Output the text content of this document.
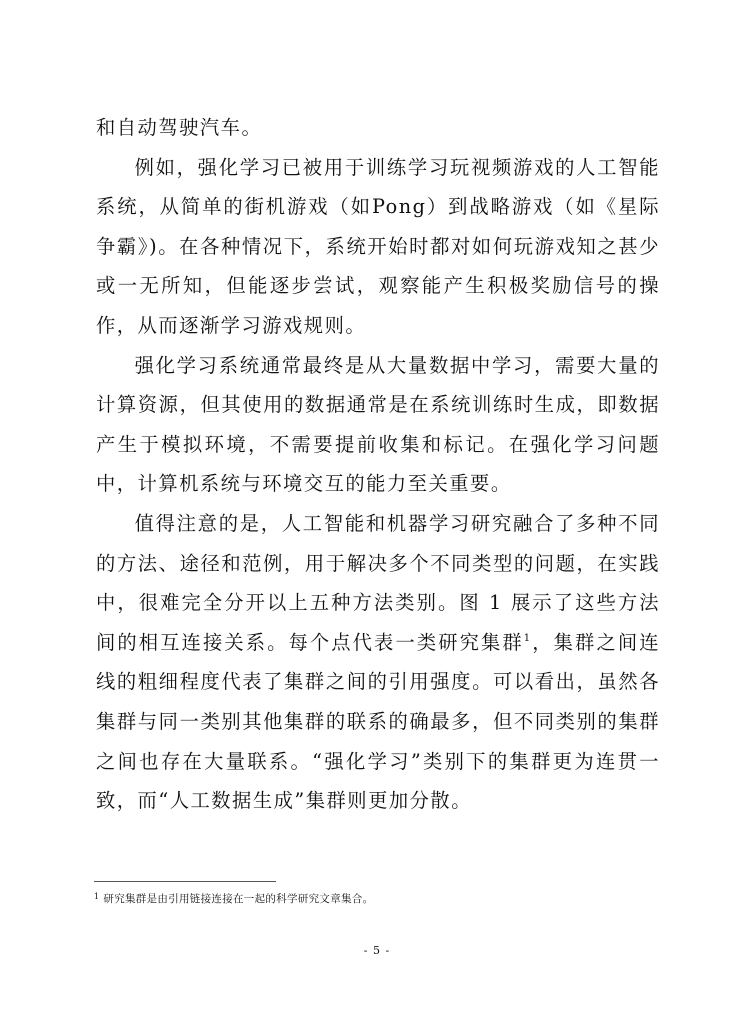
和自动驾驶汽车。

例如，强化学习已被用于训练学习玩视频游戏的人工智能系统，从简单的街机游戏（如Pong）到战略游戏（如《星际争霸》)。在各种情况下，系统开始时都对如何玩游戏知之甚少或一无所知，但能逐步尝试，观察能产生积极奖励信号的操作，从而逐渐学习游戏规则。

强化学习系统通常最终是从大量数据中学习，需要大量的计算资源，但其使用的数据通常是在系统训练时生成，即数据产生于模拟环境，不需要提前收集和标记。在强化学习问题中，计算机系统与环境交互的能力至关重要。

值得注意的是，人工智能和机器学习研究融合了多种不同的方法、途径和范例，用于解决多个不同类型的问题，在实践中，很难完全分开以上五种方法类别。图 1 展示了这些方法间的相互连接关系。每个点代表一类研究集群$^1$，集群之间连线的粗细程度代表了集群之间的引用强度。可以看出，虽然各集群与同一类别其他集群的联系的确最多，但不同类别的集群之间也存在大量联系。“强化学习”类别下的集群更为连贯一致，而“人工数据生成”集群则更加分散。

$^1$ 研究集群是由引用链接连接在一起的科学研究文章集合。
- 5 -
